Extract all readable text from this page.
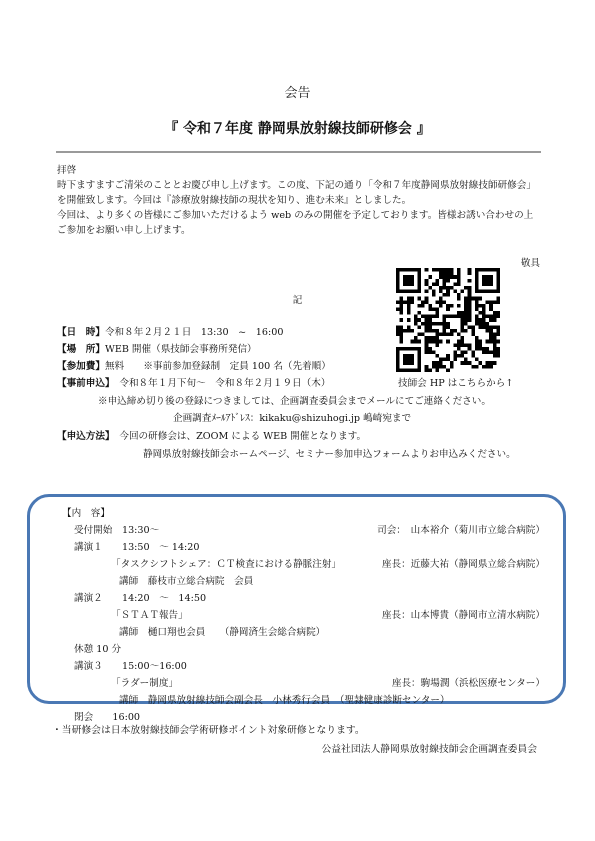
会告
『 令和７年度 静岡県放射線技師研修会 』
拝啓
時下ますますご清栄のこととお慶び申し上げます。この度、下記の通り「令和７年度静岡県放射線技師研修会」 を開催致します。今回は『診療放射線技師の現状を知り、進む未来』としました。
今回は、より多くの皆様にご参加いただけるよう web のみの開催を予定しております。皆様お誘い合わせの上ご参加をお願い申し上げます。
敬具
記
【日　時】令和８年２月２１日　13:30　~　16:00
【場　所】WEB 開催（県技師会事務所発信）
【参加費】無料　　※事前参加登録制　定員 100 名（先着順）
【事前申込】　令和８年１月下旬～　令和８年２月１９日（木）	技師会 HP はこちらから↑
※申込締め切り後の登録につきましては、企画調査委員会までメールにてご連絡ください。
企画調査ﾒｰﾙｱﾄﾞﾚｽ：kikaku@shizuhogi.jp 嶋崎宛まで
【申込方法】　今回の研修会は、ZOOM による WEB 開催となります。
静岡県放射線技師会ホームページ、セミナー参加申込フォームよりお申込みください。
【内　容】
受付開始　13:30～	司会：　山本裕介（菊川市立総合病院）
講演１　　13:50　～ 14:20
「タスクシフトシェア：ＣＴ検査における静脈注射」	座長：近藤大祐（静岡県立総合病院）
講師　藤枝市立総合病院　会員
講演２　　14:20　～　14:50
「ＳＴＡＴ報告」	座長：山本博貴（静岡市立清水病院）
講師　樋口翔也会員　　（静岡済生会総合病院）
休憩 10 分
講演３　　15:00～16:00
「ラダー制度」	座長：駒場潤（浜松医療センター）
講師　静岡県放射線技師会副会長　小林秀行会員　（聖隷健康診断センター）
閉会　　16:00
・当研修会は日本放射線技師会学術研修ポイント対象研修となります。
公益社団法人静岡県放射線技師会企画調査委員会
